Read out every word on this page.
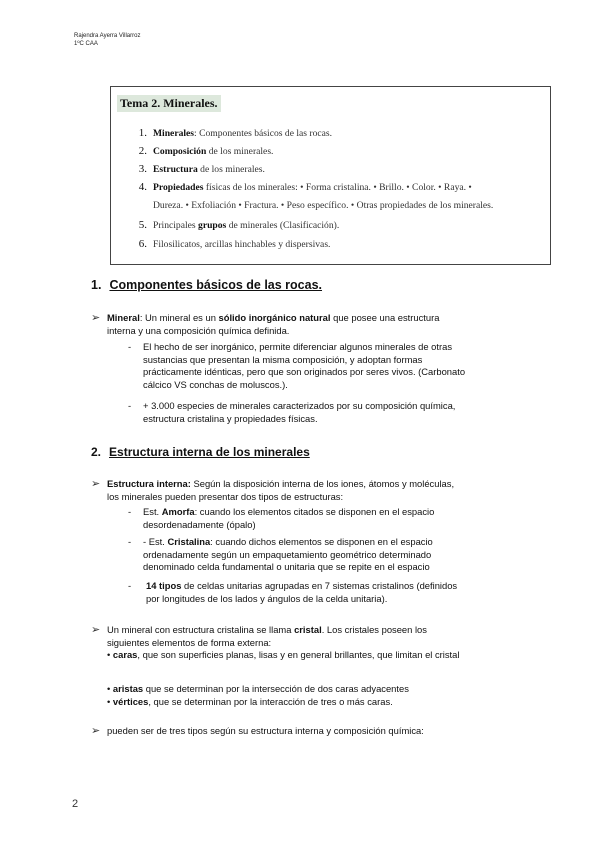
Rajendra Ayerra Villarroz
1ºC CAA
Tema 2. Minerales.
1. Minerales: Componentes básicos de las rocas.
2. Composición de los minerales.
3. Estructura de los minerales.
4. Propiedades físicas de los minerales: • Forma cristalina. • Brillo. • Color. • Raya. •
Dureza. • Exfoliación • Fractura. • Peso específico. • Otras propiedades de los minerales.
5. Principales grupos de minerales (Clasificación).
6. Filosilicatos, arcillas hinchables y dispersivas.
1. Componentes básicos de las rocas.
➢ Mineral: Un mineral es un sólido inorgánico natural que posee una estructura
interna y una composición química definida.
- El hecho de ser inorgánico, permite diferenciar algunos minerales de otras
sustancias que presentan la misma composición, y adoptan formas
prácticamente idénticas, pero que son originados por seres vivos. (Carbonato
cálcico VS conchas de moluscos.).
- + 3.000 especies de minerales caracterizados por su composición química,
estructura cristalina y propiedades físicas.
2. Estructura interna de los minerales
➢ Estructura interna: Según la disposición interna de los iones, átomos y moléculas,
los minerales pueden presentar dos tipos de estructuras:
- Est. Amorfa: cuando los elementos citados se disponen en el espacio
desordenadamente (ópalo)
- - Est. Cristalina: cuando dichos elementos se disponen en el espacio
ordenadamente según un empaquetamiento geométrico determinado
denominado celda fundamental o unitaria que se repite en el espacio
- 14 tipos de celdas unitarias agrupadas en 7 sistemas cristalinos (definidos
por longitudes de los lados y ángulos de la celda unitaria).
➢ Un mineral con estructura cristalina se llama cristal. Los cristales poseen los
siguientes elementos de forma externa:
• caras, que son superficies planas, lisas y en general brillantes, que limitan el cristal
• aristas que se determinan por la intersección de dos caras adyacentes
• vértices, que se determinan por la interacción de tres o más caras.
➢ pueden ser de tres tipos según su estructura interna y composición química:
2
